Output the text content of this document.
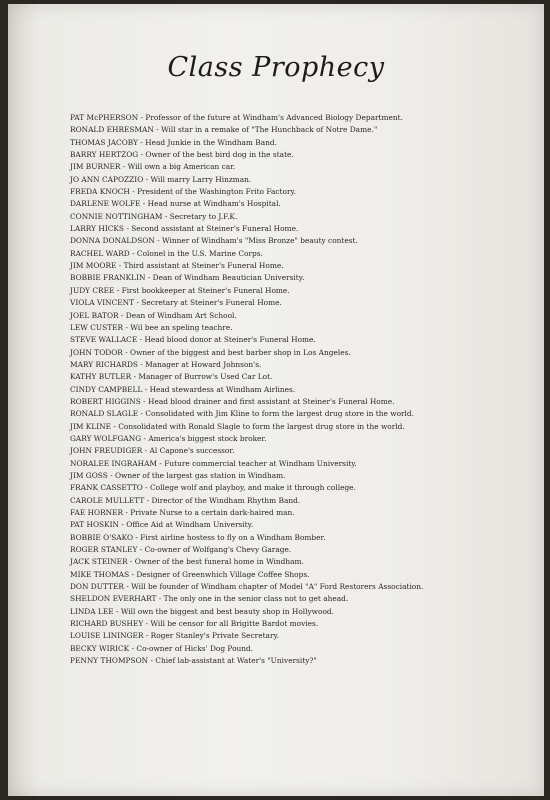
Class Prophecy
PAT McPHERSON - Professor of the future at Windham's Advanced Biology Department.
RONALD EHRESMAN - Will star in a remake of "The Hunchback of Notre Dame."
THOMAS JACOBY - Head Junkie in the Windham Band.
BARRY HERTZOG - Owner of the best bird dog in the state.
JIM BURNER - Will own a big American car.
JO ANN CAPOZZIO - Will marry Larry Hinzman.
FREDA KNOCH - President of the Washington Frito Factory.
DARLENE WOLFE - Head nurse at Windham's Hospital.
CONNIE NOTTINGHAM - Secretary to J.F.K.
LARRY HICKS - Second assistant at Steiner's Funeral Home.
DONNA DONALDSON - Winner of Windham's "Miss Bronze" beauty contest.
RACHEL WARD - Colonel in the U.S. Marine Corps.
JIM MOORE - Third assistant at Steiner's Funeral Home.
BOBBIE FRANKLIN - Dean of Windham Beautician University.
JUDY CREE - First bookkeeper at Steiner's Funeral Home.
VIOLA VINCENT - Secretary at Steiner's Funeral Home.
JOEL BATOR - Dean of Windham Art School.
LEW CUSTER - Wil bee an speling teachre.
STEVE WALLACE - Head blood donor at Steiner's Funeral Home.
JOHN TODOR - Owner of the biggest and best barber shop in Los Angeles.
MARY RICHARDS - Manager at Howard Johnson's.
KATHY BUTLER - Manager of Burrow's Used Car Lot.
CINDY CAMPBELL - Head stewardess at Windham Airlines.
ROBERT HIGGINS - Head blood drainer and first assistant at Steiner's Funeral Home.
RONALD SLAGLE - Consolidated with Jim Kline to form the largest drug store in the world.
JIM KLINE - Consolidated with Ronald Slagle to form the largest drug store in the world.
GARY WOLFGANG - America's biggest stock broker.
JOHN FREUDIGER - Al Capone's successor.
NORALEE INGRAHAM - Future commercial teacher at Windham University.
JIM GOSS - Owner of the largest gas station in Windham.
FRANK CASSETTO - College wolf and playboy, and make it through college.
CAROLE MULLETT - Director of the Windham Rhythm Band.
FAE HORNER - Private Nurse to a certain dark-haired man.
PAT HOSKIN - Office Aid at Windham University.
BOBBIE O'SAKO - First airline hostess to fly on a Windham Bomber.
ROGER STANLEY - Co-owner of Wolfgang's Chevy Garage.
JACK STEINER - Owner of the best funeral home in Windham.
MIKE THOMAS - Designer of Greenwhich Village Coffee Shops.
DON DUTTER - Will be founder of Windham chapter of Model "A" Ford Restorers Association.
SHELDON EVERHART - The only one in the senior class not to get ahead.
LINDA LEE - Will own the biggest and best beauty shop in Hollywood.
RICHARD BUSHEY - Will be censor for all Brigitte Bardot movies.
LOUISE LININGER - Roger Stanley's Private Secretary.
BECKY WIRICK - Co-owner of Hicks' Dog Pound.
PENNY THOMPSON - Chief lab-assistant at Water's "University?"
